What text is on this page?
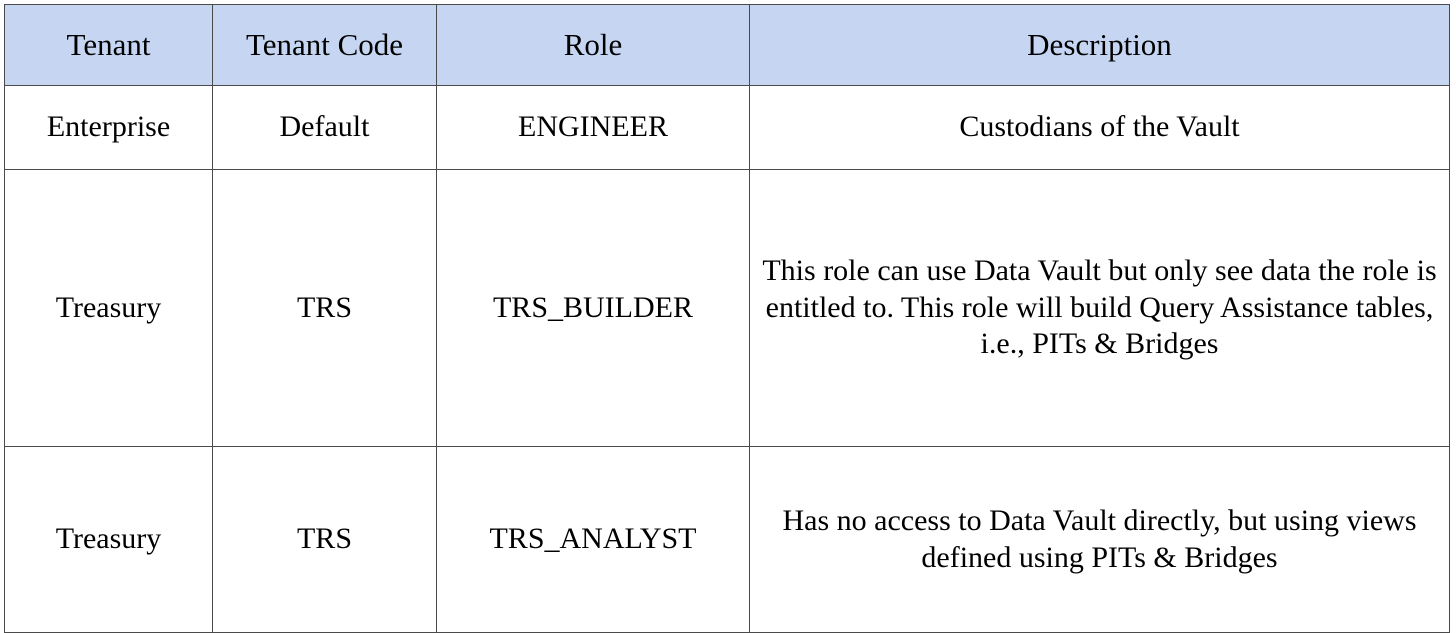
Tenant	Tenant Code	Role	Description
Enterprise	Default	ENGINEER	Custodians of the Vault
Treasury	TRS	TRS_BUILDER	This role can use Data Vault but only see data the role is entitled to. This role will build Query Assistance tables, i.e., PITs & Bridges
Treasury	TRS	TRS_ANALYST	Has no access to Data Vault directly, but using views defined using PITs & Bridges
